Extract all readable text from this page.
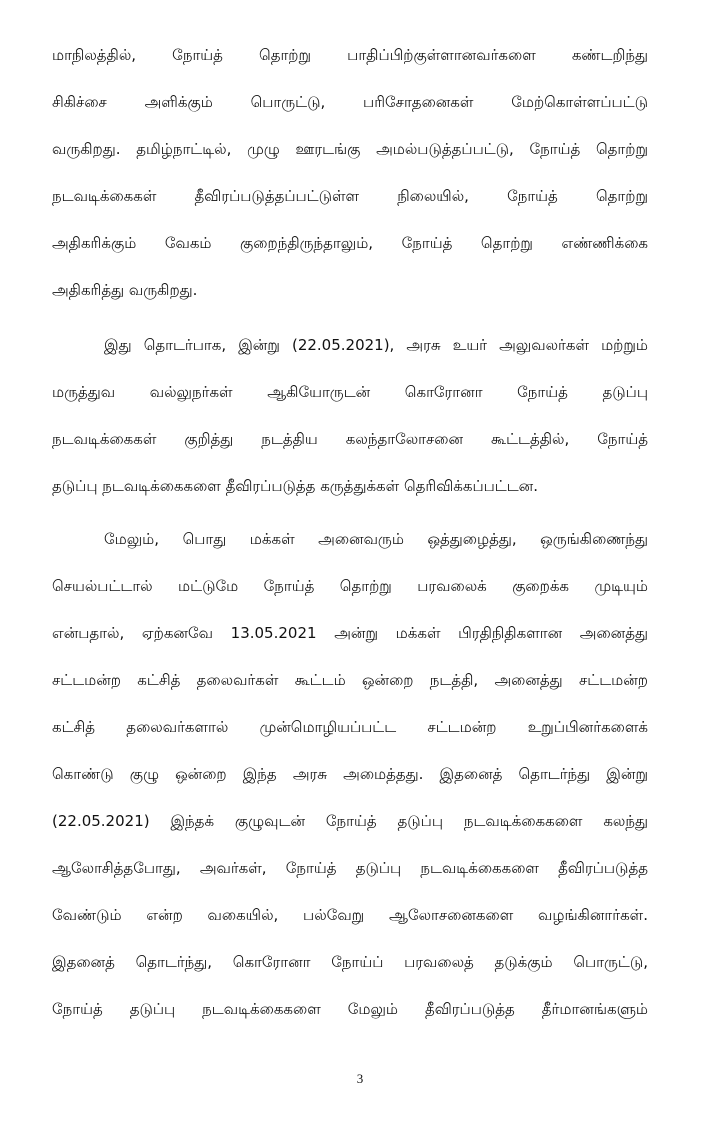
மாநிலத்தில், நோய்த் தொற்று பாதிப்பிற்குள்ளானவர்களை கண்டறிந்து
சிகிச்சை அளிக்கும் பொருட்டு, பரிசோதனைகள் மேற்கொள்ளப்பட்டு
வருகிறது. தமிழ்நாட்டில், முழு ஊரடங்கு அமல்படுத்தப்பட்டு, நோய்த் தொற்று
நடவடிக்கைகள் தீவிரப்படுத்தப்பட்டுள்ள நிலையில், நோய்த் தொற்று
அதிகரிக்கும் வேகம் குறைந்திருந்தாலும், நோய்த் தொற்று எண்ணிக்கை
அதிகரித்து வருகிறது.
இது தொடர்பாக, இன்று (22.05.2021), அரசு உயர் அலுவலர்கள் மற்றும்
மருத்துவ வல்லுநர்கள் ஆகியோருடன் கொரோனா நோய்த் தடுப்பு
நடவடிக்கைகள் குறித்து நடத்திய கலந்தாலோசனை கூட்டத்தில், நோய்த்
தடுப்பு நடவடிக்கைகளை தீவிரப்படுத்த கருத்துக்கள் தெரிவிக்கப்பட்டன.
மேலும், பொது மக்கள் அனைவரும் ஒத்துழைத்து, ஒருங்கிணைந்து
செயல்பட்டால் மட்டுமே நோய்த் தொற்று பரவலைக் குறைக்க முடியும்
என்பதால், ஏற்கனவே 13.05.2021 அன்று மக்கள் பிரதிநிதிகளான அனைத்து
சட்டமன்ற கட்சித் தலைவர்கள் கூட்டம் ஒன்றை நடத்தி, அனைத்து சட்டமன்ற
கட்சித் தலைவர்களால் முன்மொழியப்பட்ட சட்டமன்ற உறுப்பினர்களைக்
கொண்டு குழு ஒன்றை இந்த அரசு அமைத்தது. இதனைத் தொடர்ந்து இன்று
(22.05.2021) இந்தக் குழுவுடன் நோய்த் தடுப்பு நடவடிக்கைகளை கலந்து
ஆலோசித்தபோது, அவர்கள், நோய்த் தடுப்பு நடவடிக்கைகளை தீவிரப்படுத்த
வேண்டும் என்ற வகையில், பல்வேறு ஆலோசனைகளை வழங்கினார்கள்.
இதனைத் தொடர்ந்து, கொரோனா நோய்ப் பரவலைத் தடுக்கும் பொருட்டு,
நோய்த் தடுப்பு நடவடிக்கைகளை மேலும் தீவிரப்படுத்த தீர்மானங்களும்
3
